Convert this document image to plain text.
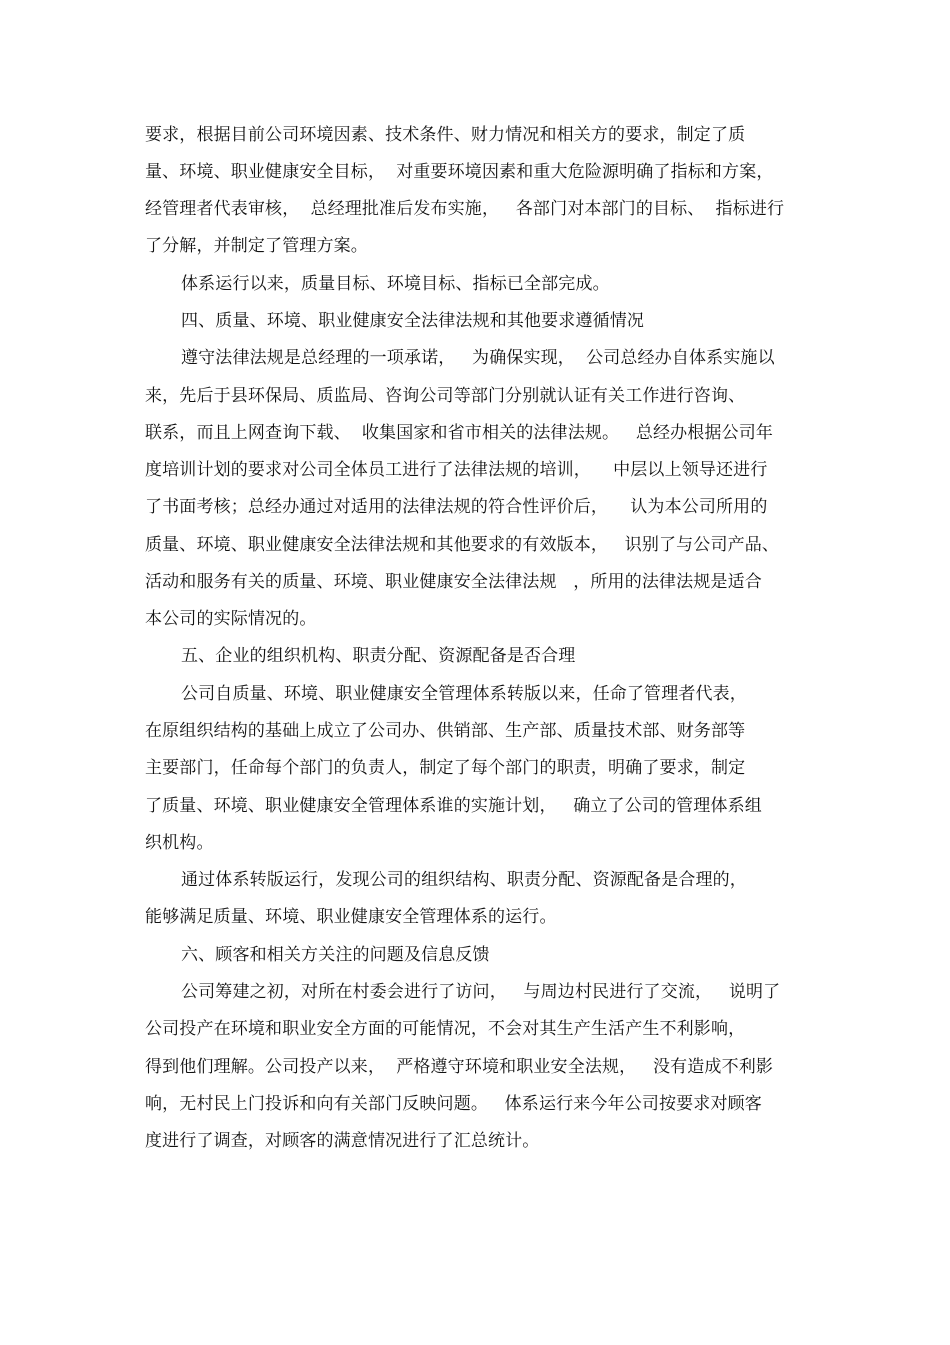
要求，根据目前公司环境因素、技术条件、财力情况和相关方的要求，制定了质
量、环境、职业健康安全目标，  对重要环境因素和重大危险源明确了指标和方案，
经管理者代表审核，  总经理批准后发布实施，   各部门对本部门的目标、  指标进行
了分解，并制定了管理方案。
体系运行以来，质量目标、环境目标、指标已全部完成。
四、质量、环境、职业健康安全法律法规和其他要求遵循情况
遵守法律法规是总经理的一项承诺，   为确保实现，  公司总经办自体系实施以
来，先后于县环保局、质监局、咨询公司等部门分别就认证有关工作进行咨询、
联系，而且上网查询下载、  收集国家和省市相关的法律法规。   总经办根据公司年
度培训计划的要求对公司全体员工进行了法律法规的培训，    中层以上领导还进行
了书面考核；总经办通过对适用的法律法规的符合性评价后，    认为本公司所用的
质量、环境、职业健康安全法律法规和其他要求的有效版本，   识别了与公司产品、
活动和服务有关的质量、环境、职业健康安全法律法规   ，所用的法律法规是适合
本公司的实际情况的。
五、企业的组织机构、职责分配、资源配备是否合理
公司自质量、环境、职业健康安全管理体系转版以来，任命了管理者代表，
在原组织结构的基础上成立了公司办、供销部、生产部、质量技术部、财务部等
主要部门，任命每个部门的负责人，制定了每个部门的职责，明确了要求，制定
了质量、环境、职业健康安全管理体系谁的实施计划，   确立了公司的管理体系组
织机构。
通过体系转版运行，发现公司的组织结构、职责分配、资源配备是合理的，
能够满足质量、环境、职业健康安全管理体系的运行。
六、顾客和相关方关注的问题及信息反馈
公司筹建之初，对所在村委会进行了访问，   与周边村民进行了交流，   说明了
公司投产在环境和职业安全方面的可能情况，不会对其生产生活产生不利影响，
得到他们理解。公司投产以来，  严格遵守环境和职业安全法规，   没有造成不利影
响，无村民上门投诉和向有关部门反映问题。   体系运行来今年公司按要求对顾客
度进行了调查，对顾客的满意情况进行了汇总统计。
